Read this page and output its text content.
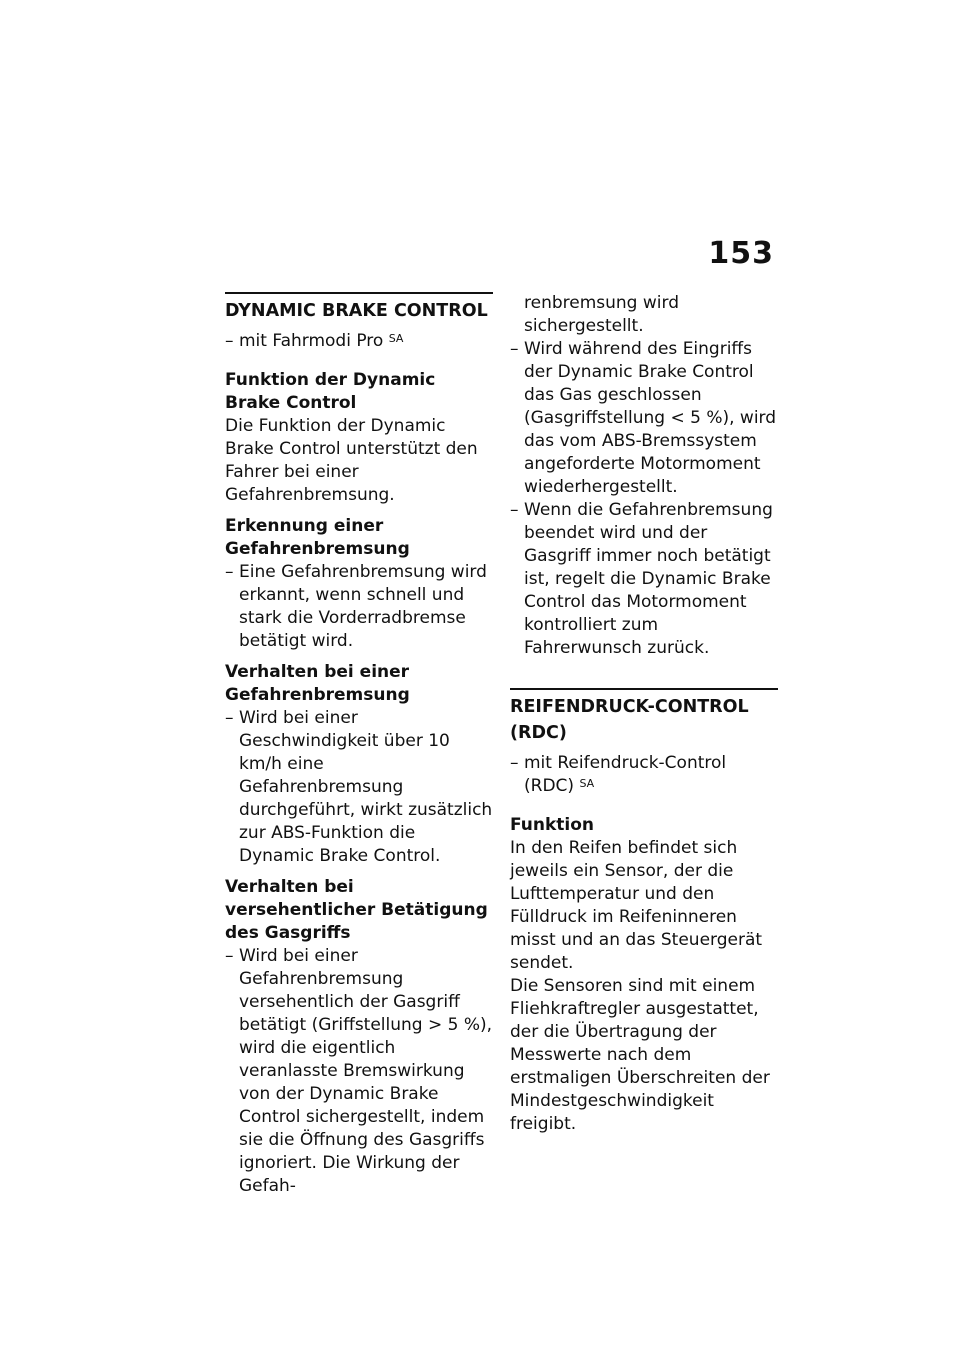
153
DYNAMIC BRAKE CONTROL
– mit Fahrmodi Pro $^{SA}$
Funktion der Dynamic Brake Control

Die Funktion der Dynamic Brake Control unterstützt den Fahrer bei einer Gefahrenbremsung.

Erkennung einer Gefahrenbremsung
– Eine Gefahrenbremsung wird erkannt, wenn schnell und stark die Vorderradbremse betätigt wird.
Verhalten bei einer Gefahrenbremsung
– Wird bei einer Geschwindigkeit über 10 km/h eine Gefahrenbremsung durchgeführt, wirkt zusätzlich zur ABS-Funktion die Dynamic Brake Control.
Verhalten bei versehentlicher Betätigung des Gasgriffs
– Wird bei einer Gefahrenbremsung versehentlich der Gasgriff betätigt (Griffstellung > 5 %), wird die eigentlich veranlasste Bremswirkung von der Dynamic Brake Control sichergestellt, indem sie die Öffnung des Gasgriffs ignoriert. Die Wirkung der Gefah-
renbremsung wird sichergestellt.
– Wird während des Eingriffs der Dynamic Brake Control das Gas geschlossen (Gasgriffstellung < 5 %), wird das vom ABS-Bremssystem angeforderte Motormoment wiederhergestellt.
– Wenn die Gefahrenbremsung beendet wird und der Gasgriff immer noch betätigt ist, regelt die Dynamic Brake Control das Motormoment kontrolliert zum Fahrerwunsch zurück.
REIFENDRUCK-CONTROL (RDC)
– mit Reifendruck-Control (RDC) $^{SA}$
Funktion

In den Reifen befindet sich jeweils ein Sensor, der die Lufttemperatur und den Fülldruck im Reifeninneren misst und an das Steuergerät sendet.

Die Sensoren sind mit einem Fliehkraftregler ausgestattet, der die Übertragung der Messwerte nach dem erstmaligen Überschreiten der Mindestgeschwindigkeit freigibt.
